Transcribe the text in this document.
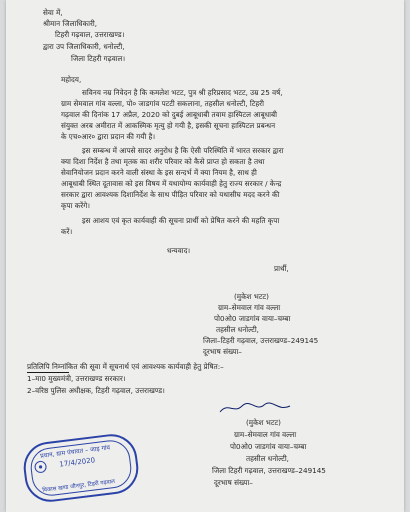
सेवा में,
श्रीमान जिलाधिकारी,
टिहरी गढ़वाल, उत्तराखण्ड।
द्वारा उप जिलाधिकारी, धनोल्टी,
जिला टिहरी गढ़वाल।
महोदय,
सविनय नम्र निवेदन है कि कमलेश भटट, पुत्र श्री हरिप्रसाद भटट, उम्र 25 वर्ष,
ग्राम सेमवाल गांव वल्ला, पो० जाडगांव पटटी सकलाना, तहसील धनोल्टी, टिहरी
गढ़वाल की दिनांक 17 अप्रैल, 2020 को दुबई आबूधाबी तवाम हास्पिटल आबूधाबी
संयुक्त अरब अमीरात में आकस्मिक मृत्यु हो गयी है, इसकी सूचना हास्पिटल प्रबन्धन
के एच०आर० द्वारा प्रदान की गयी है।
इस सम्बन्ध में आपसे सादर अनुरोध है कि ऐसी परिस्थिति में भारत सरकार द्वारा
क्या दिशा निर्देश है तथा मृतक का शरीर परिवार को कैसे प्राप्त हो सकता है तथा
सेवानियोजन प्रदान करने वाली संस्था के इस सन्दर्भ में क्या नियम है, साथ ही
आबूधाबी स्थित दूतावास को इस विषय में यथायोग्य कार्यवाही हेतु राज्य सरकार / केन्द्र
सरकार द्वारा आवश्यक दिशानिर्देश के साथ पीड़ित परिवार को यथासीघ मदद करने की
कृपा करेंगे।
इस आशय एवं कृत कार्यवाही की सूचना प्रार्थी को प्रेषित करने की महति कृपा
करें।
धन्यवाद।
प्रार्थी,
(मुकेश भटट)
ग्राम–सेमवाल गांव वल्ला
पो0ओ0 जाडगांव वाया–चम्बा
तहसील धनोल्टी,
जिला–टिहरी गढ़वाल, उत्तराखण्ड–249145
दूरभाष संख्या–
प्रतिलिपि निम्नांकित की सूवा में सूचनार्थ एवं आवश्यक कार्यवाही हेतु प्रेषित:–
1–मा0 मुख्यमंत्री, उत्तराखण्ड सरकार।
2–वरिष्ठ पुलिस अधीक्षक, टिहरी गढ़वाल, उत्तराखण्ड।
(मुकेश भटट)
ग्राम–सेमवाल गांव वल्ला
पो0ओ0 जाडगांव वाया–चम्बा
तहसील धनोल्टी,
जिला टिहरी गढ़वाल, उत्तराखण्ड–249145
दूरभाष संख्या–
प्रधान, ग्राम पंचायत – जाड़ गांव
17/4/2020
विकास खण्ड जौनपुर, टिहरी गढ़वाल
